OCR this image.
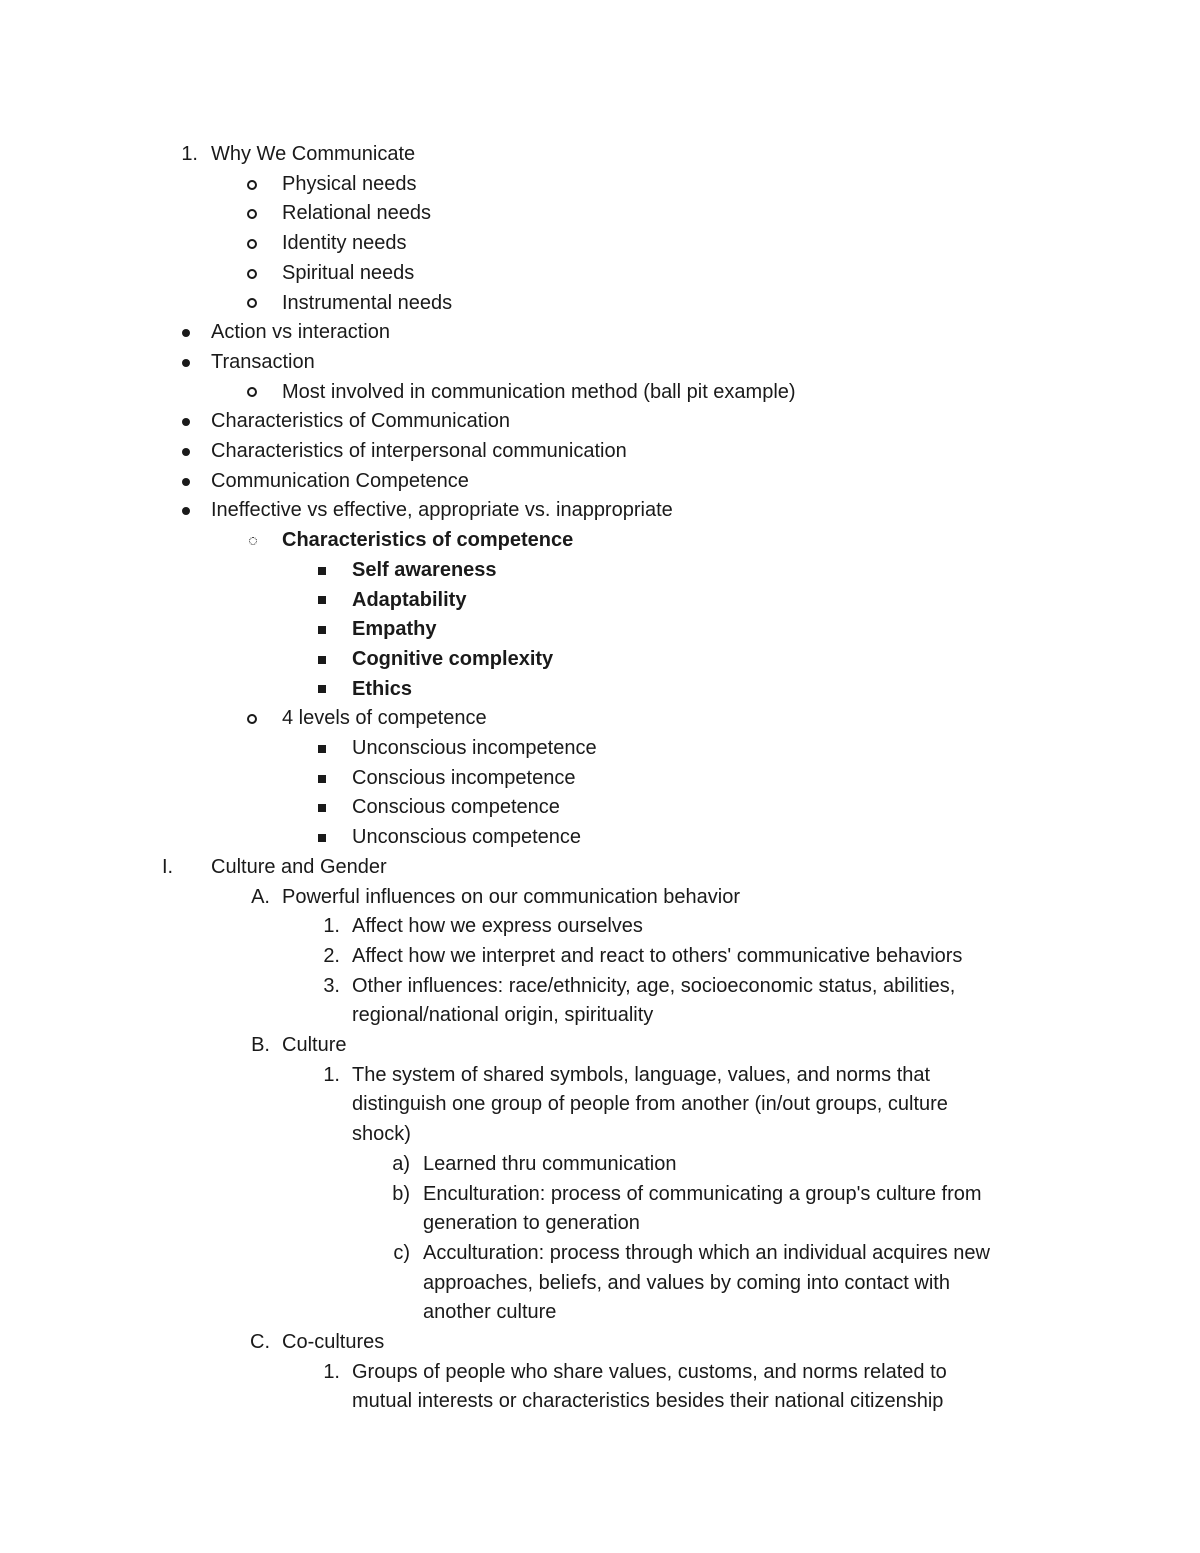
1. Why We Communicate
Physical needs
Relational needs
Identity needs
Spiritual needs
Instrumental needs
Action vs interaction
Transaction
Most involved in communication method (ball pit example)
Characteristics of Communication
Characteristics of interpersonal communication
Communication Competence
Ineffective vs effective, appropriate vs. inappropriate
Characteristics of competence
Self awareness
Adaptability
Empathy
Cognitive complexity
Ethics
4 levels of competence
Unconscious incompetence
Conscious incompetence
Conscious competence
Unconscious competence
I.	Culture and Gender
A. Powerful influences on our communication behavior
1. Affect how we express ourselves
2. Affect how we interpret and react to others' communicative behaviors
3. Other influences: race/ethnicity, age, socioeconomic status, abilities,
regional/national origin, spirituality
B. Culture
1. The system of shared symbols, language, values, and norms that
distinguish one group of people from another (in/out groups, culture
shock)
a) Learned thru communication
b) Enculturation: process of communicating a group's culture from
generation to generation
c) Acculturation: process through which an individual acquires new
approaches, beliefs, and values by coming into contact with
another culture
C. Co-cultures
1. Groups of people who share values, customs, and norms related to
mutual interests or characteristics besides their national citizenship
